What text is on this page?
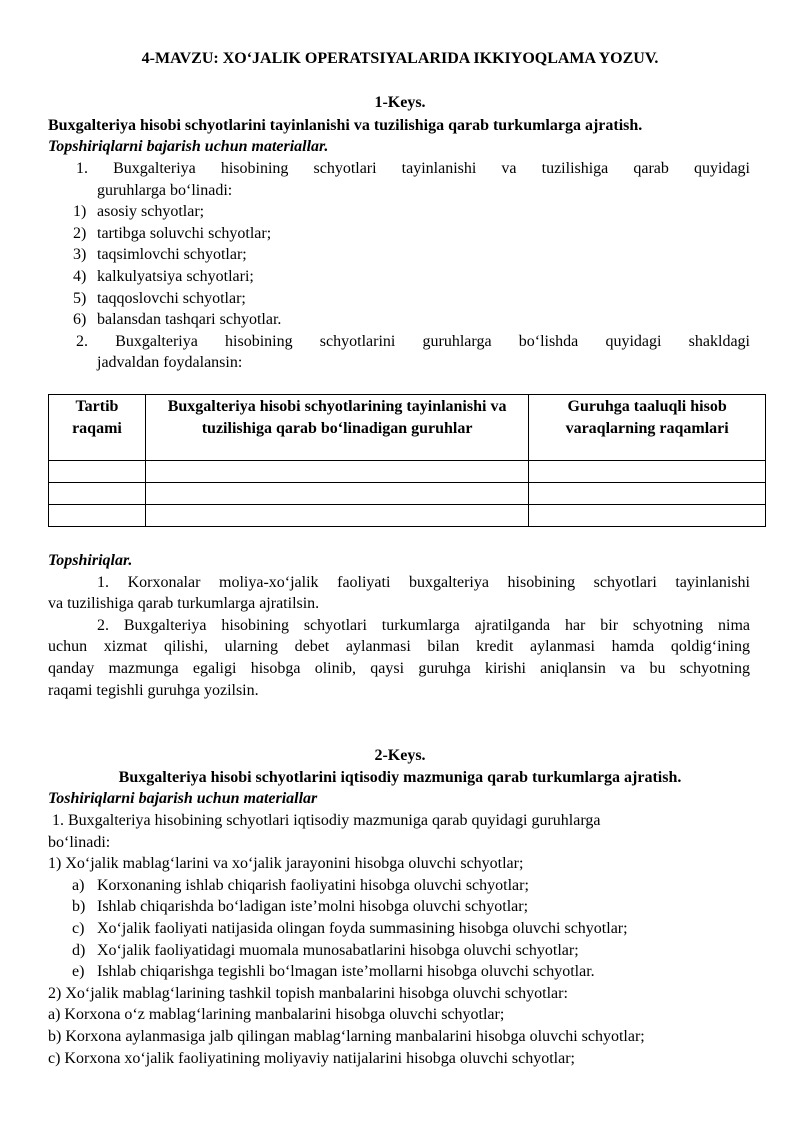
4-MAVZU: XO‘JALIK OPERATSIYALARIDA IKKIYOQLAMA YOZUV.
1-Keys.
Buxgalteriya hisobi schyotlarini tayinlanishi va tuzilishiga qarab turkumlarga ajratish.
Topshiriqlarni bajarish uchun materiallar.
1. Buxgalteriya hisobining schyotlari tayinlanishi va tuzilishiga qarab quyidagi
guruhlarga bo‘linadi:
1) asosiy schyotlar;
2) tartibga soluvchi schyotlar;
3) taqsimlovchi schyotlar;
4) kalkulyatsiya schyotlari;
5) taqqoslovchi schyotlar;
6) balansdan tashqari schyotlar.
2. Buxgalteriya hisobining schyotlarini guruhlarga bo‘lishda quyidagi shakldagi
jadvaldan foydalansin:
Tartib raqami	Buxgalteriya hisobi schyotlarining tayinlanishi va tuzilishiga qarab bo‘linadigan guruhlar	Guruhga taaluqli hisob varaqlarning raqamlari

Topshiriqlar.
1. Korxonalar moliya-xo‘jalik faoliyati buxgalteriya hisobining schyotlari tayinlanishi
va tuzilishiga qarab turkumlarga ajratilsin.
2. Buxgalteriya hisobining schyotlari turkumlarga ajratilganda har bir schyotning nima
uchun xizmat qilishi, ularning debet aylanmasi bilan kredit aylanmasi hamda qoldig‘ining
qanday mazmunga egaligi hisobga olinib, qaysi guruhga kirishi aniqlansin va bu schyotning
raqami tegishli guruhga yozilsin.
2-Keys.
Buxgalteriya hisobi schyotlarini iqtisodiy mazmuniga qarab turkumlarga ajratish.
Toshiriqlarni bajarish uchun materiallar
1. Buxgalteriya hisobining schyotlari iqtisodiy mazmuniga qarab quyidagi guruhlarga
bo‘linadi:
1) Xo‘jalik mablag‘larini va xo‘jalik jarayonini hisobga oluvchi schyotlar;
a) Korxonaning ishlab chiqarish faoliyatini hisobga oluvchi schyotlar;
b) Ishlab chiqarishda bo‘ladigan iste’molni hisobga oluvchi schyotlar;
c) Xo‘jalik faoliyati natijasida olingan foyda summasining hisobga oluvchi schyotlar;
d) Xo‘jalik faoliyatidagi muomala munosabatlarini hisobga oluvchi schyotlar;
e) Ishlab chiqarishga tegishli bo‘lmagan iste’mollarni hisobga oluvchi schyotlar.
2) Xo‘jalik mablag‘larining tashkil topish manbalarini hisobga oluvchi schyotlar:
a) Korxona o‘z mablag‘larining manbalarini hisobga oluvchi schyotlar;
b) Korxona aylanmasiga jalb qilingan mablag‘larning manbalarini hisobga oluvchi schyotlar;
c) Korxona xo‘jalik faoliyatining moliyaviy natijalarini hisobga oluvchi schyotlar;
